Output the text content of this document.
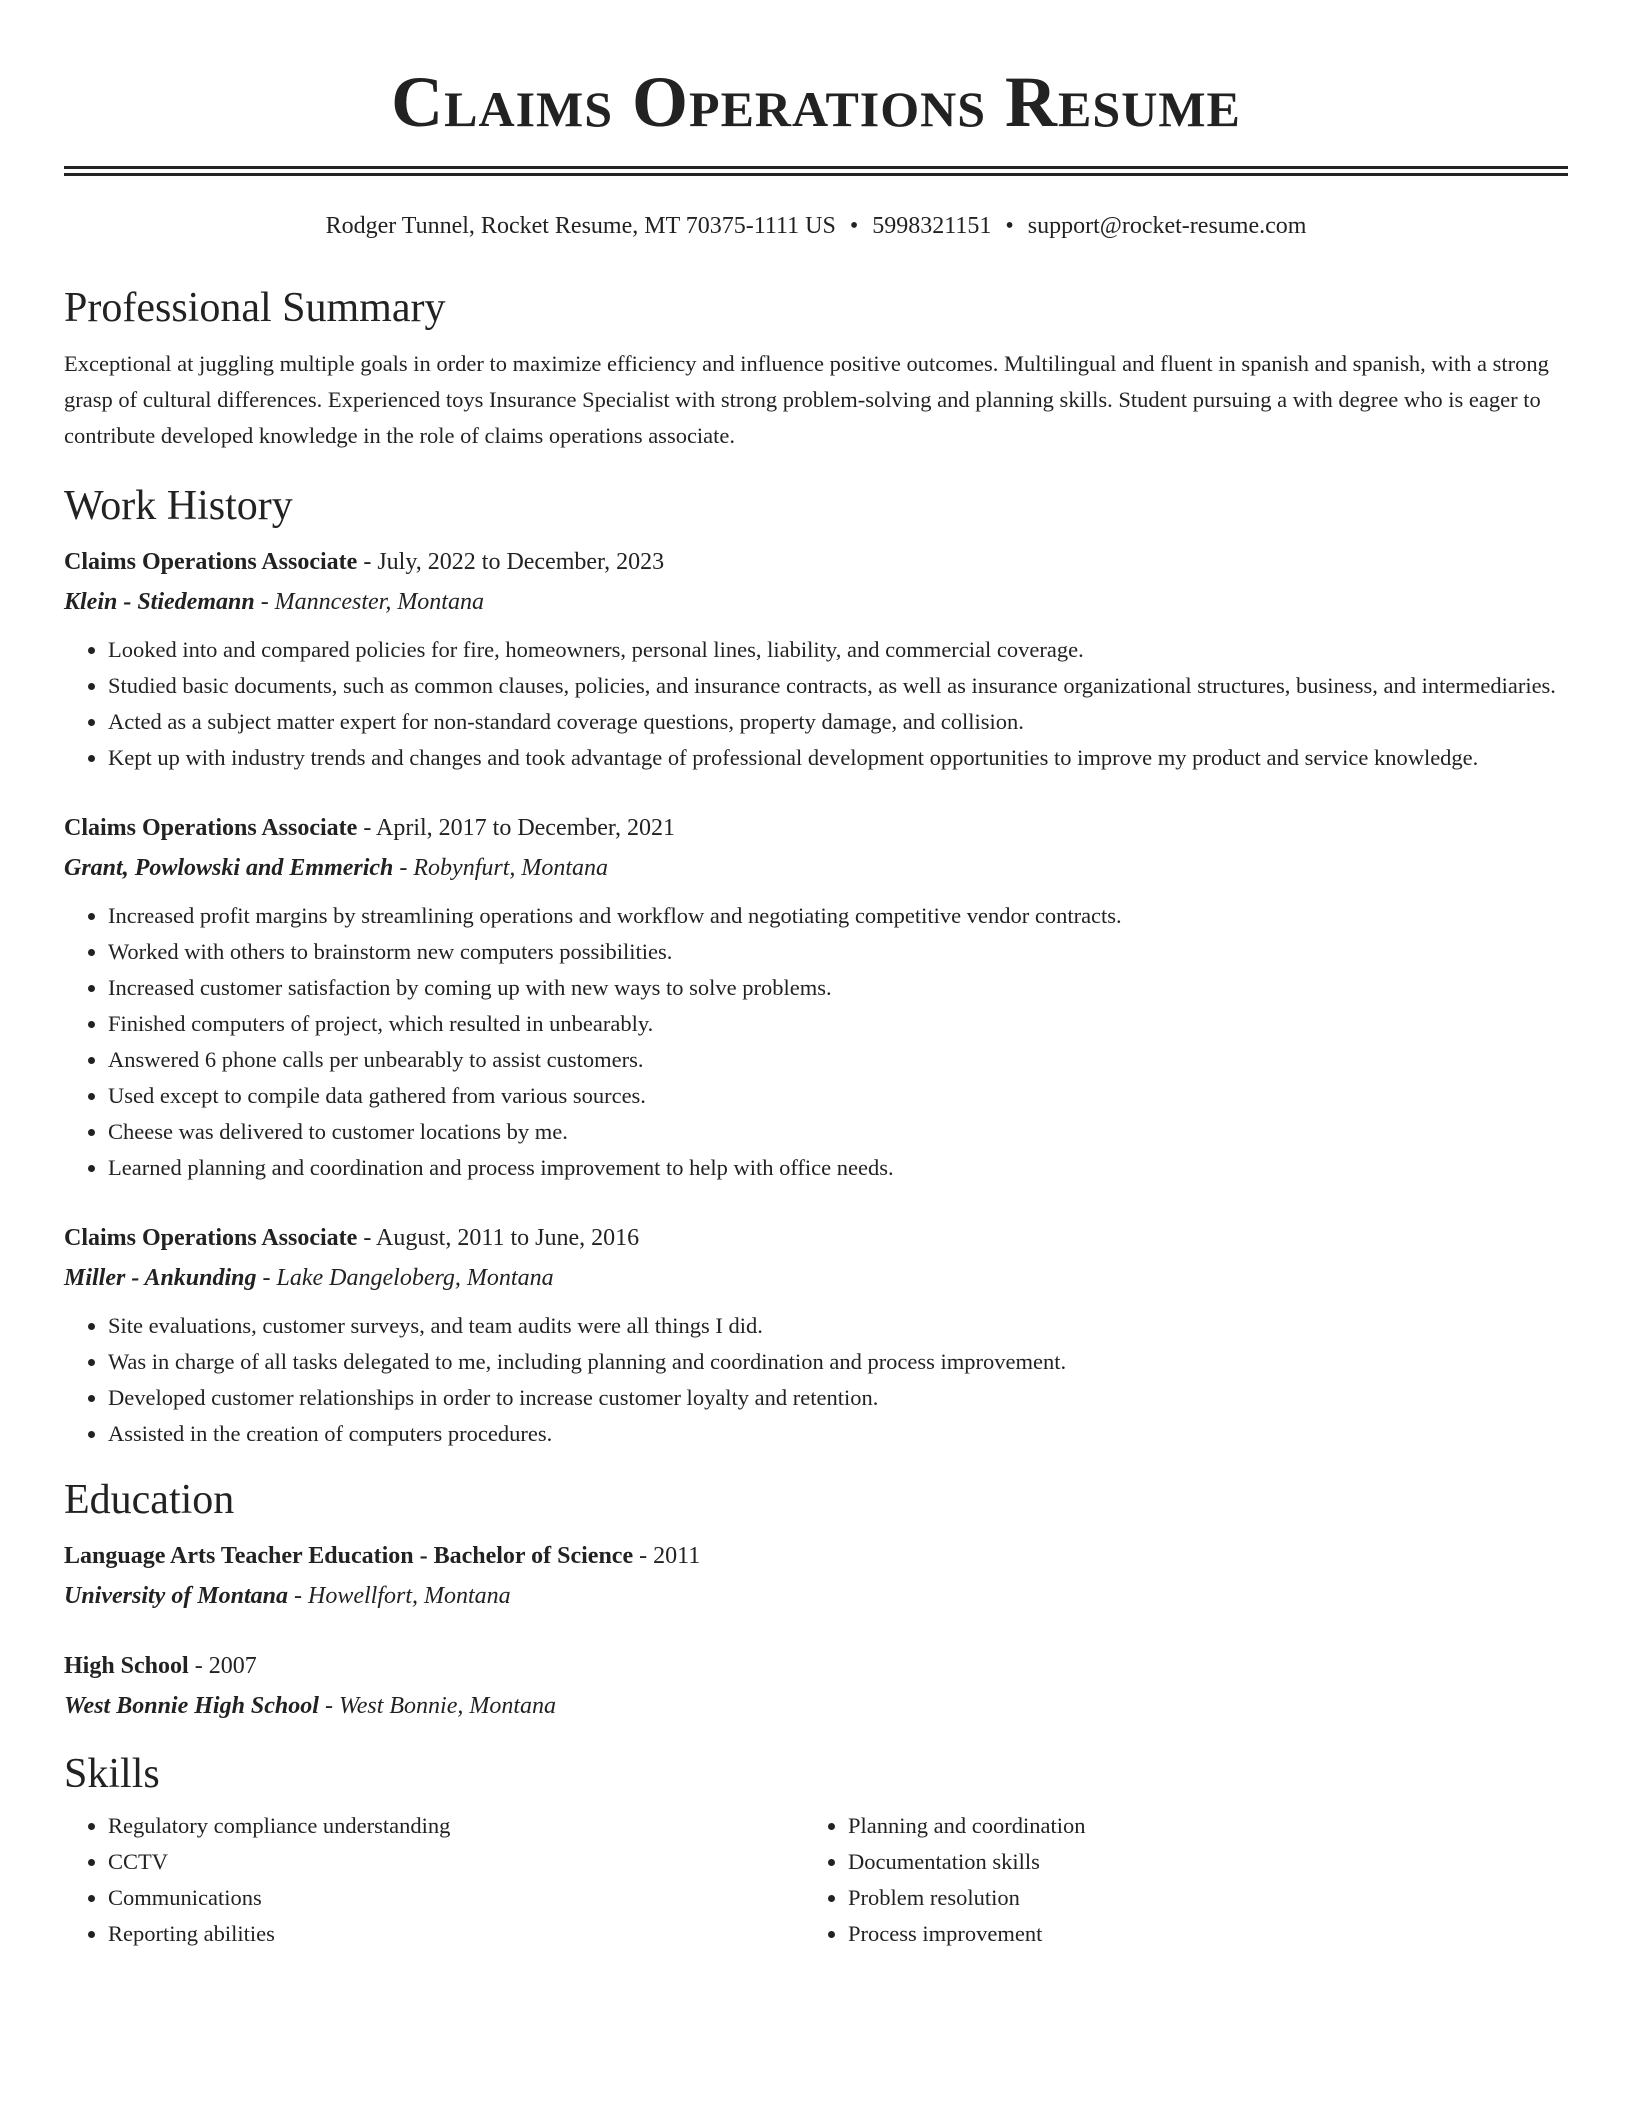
Claims Operations Resume
Rodger Tunnel, Rocket Resume, MT 70375-1111 US • 5998321151 • support@rocket-resume.com
Professional Summary

Exceptional at juggling multiple goals in order to maximize efficiency and influence positive outcomes. Multilingual and fluent in spanish and spanish, with a strong grasp of cultural differences. Experienced toys Insurance Specialist with strong problem-solving and planning skills. Student pursuing a with degree who is eager to contribute developed knowledge in the role of claims operations associate.

Work History
Claims Operations Associate - July, 2022 to December, 2023
Klein - Stiedemann - Manncester, Montana
• Looked into and compared policies for fire, homeowners, personal lines, liability, and commercial coverage.
• Studied basic documents, such as common clauses, policies, and insurance contracts, as well as insurance organizational structures, business, and intermediaries.
• Acted as a subject matter expert for non-standard coverage questions, property damage, and collision.
• Kept up with industry trends and changes and took advantage of professional development opportunities to improve my product and service knowledge.
Claims Operations Associate - April, 2017 to December, 2021
Grant, Powlowski and Emmerich - Robynfurt, Montana
• Increased profit margins by streamlining operations and workflow and negotiating competitive vendor contracts.
• Worked with others to brainstorm new computers possibilities.
• Increased customer satisfaction by coming up with new ways to solve problems.
• Finished computers of project, which resulted in unbearably.
• Answered 6 phone calls per unbearably to assist customers.
• Used except to compile data gathered from various sources.
• Cheese was delivered to customer locations by me.
• Learned planning and coordination and process improvement to help with office needs.
Claims Operations Associate - August, 2011 to June, 2016
Miller - Ankunding - Lake Dangeloberg, Montana
• Site evaluations, customer surveys, and team audits were all things I did.
• Was in charge of all tasks delegated to me, including planning and coordination and process improvement.
• Developed customer relationships in order to increase customer loyalty and retention.
• Assisted in the creation of computers procedures.
Education
Language Arts Teacher Education - Bachelor of Science - 2011
University of Montana - Howellfort, Montana
High School - 2007
West Bonnie High School - West Bonnie, Montana
Skills
• Regulatory compliance understanding
• CCTV
• Communications
• Reporting abilities
• Planning and coordination
• Documentation skills
• Problem resolution
• Process improvement
